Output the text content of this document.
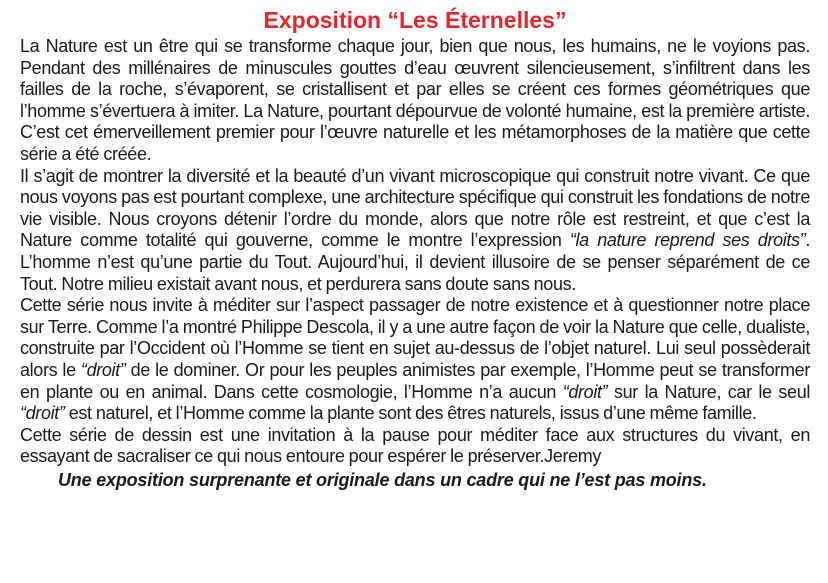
Exposition “Les Éternelles”

La Nature est un être qui se transforme chaque jour, bien que nous, les humains, ne le voyions pas. Pendant des millénaires de minuscules gouttes d’eau œuvrent silencieusement, s’infiltrent dans les failles de la roche, s’évaporent, se cristallisent et par elles se créent ces formes géométriques que l’homme s’évertuera à imiter. La Nature, pourtant dépourvue de volonté humaine, est la première artiste. C’est cet émerveillement premier pour l’œuvre naturelle et les métamorphoses de la matière que cette série a été créée.

Il s’agit de montrer la diversité et la beauté d’un vivant microscopique qui construit notre vivant. Ce que nous voyons pas est pourtant complexe, une architecture spécifique qui construit les fondations de notre vie visible. Nous croyons détenir l’ordre du monde, alors que notre rôle est restreint, et que c’est la Nature comme totalité qui gouverne, comme le montre l’expression “la nature reprend ses droits”. L’homme n’est qu’une partie du Tout. Aujourd’hui, il devient illusoire de se penser séparément de ce Tout. Notre milieu existait avant nous, et perdurera sans doute sans nous.

Cette série nous invite à méditer sur l’aspect passager de notre existence et à questionner notre place sur Terre. Comme l’a montré Philippe Descola, il y a une autre façon de voir la Nature que celle, dualiste, construite par l’Occident où l’Homme se tient en sujet au-dessus de l’objet naturel. Lui seul possèderait alors le “droit” de le dominer. Or pour les peuples animistes par exemple, l’Homme peut se transformer en plante ou en animal. Dans cette cosmologie, l’Homme n’a aucun “droit” sur la Nature, car le seul “droit” est naturel, et l’Homme comme la plante sont des êtres naturels, issus d’une même famille.

Cette série de dessin est une invitation à la pause pour méditer face aux structures du vivant, en essayant de sacraliser ce qui nous entoure pour espérer le préserver.Jeremy

Une exposition surprenante et originale dans un cadre qui ne l’est pas moins.
